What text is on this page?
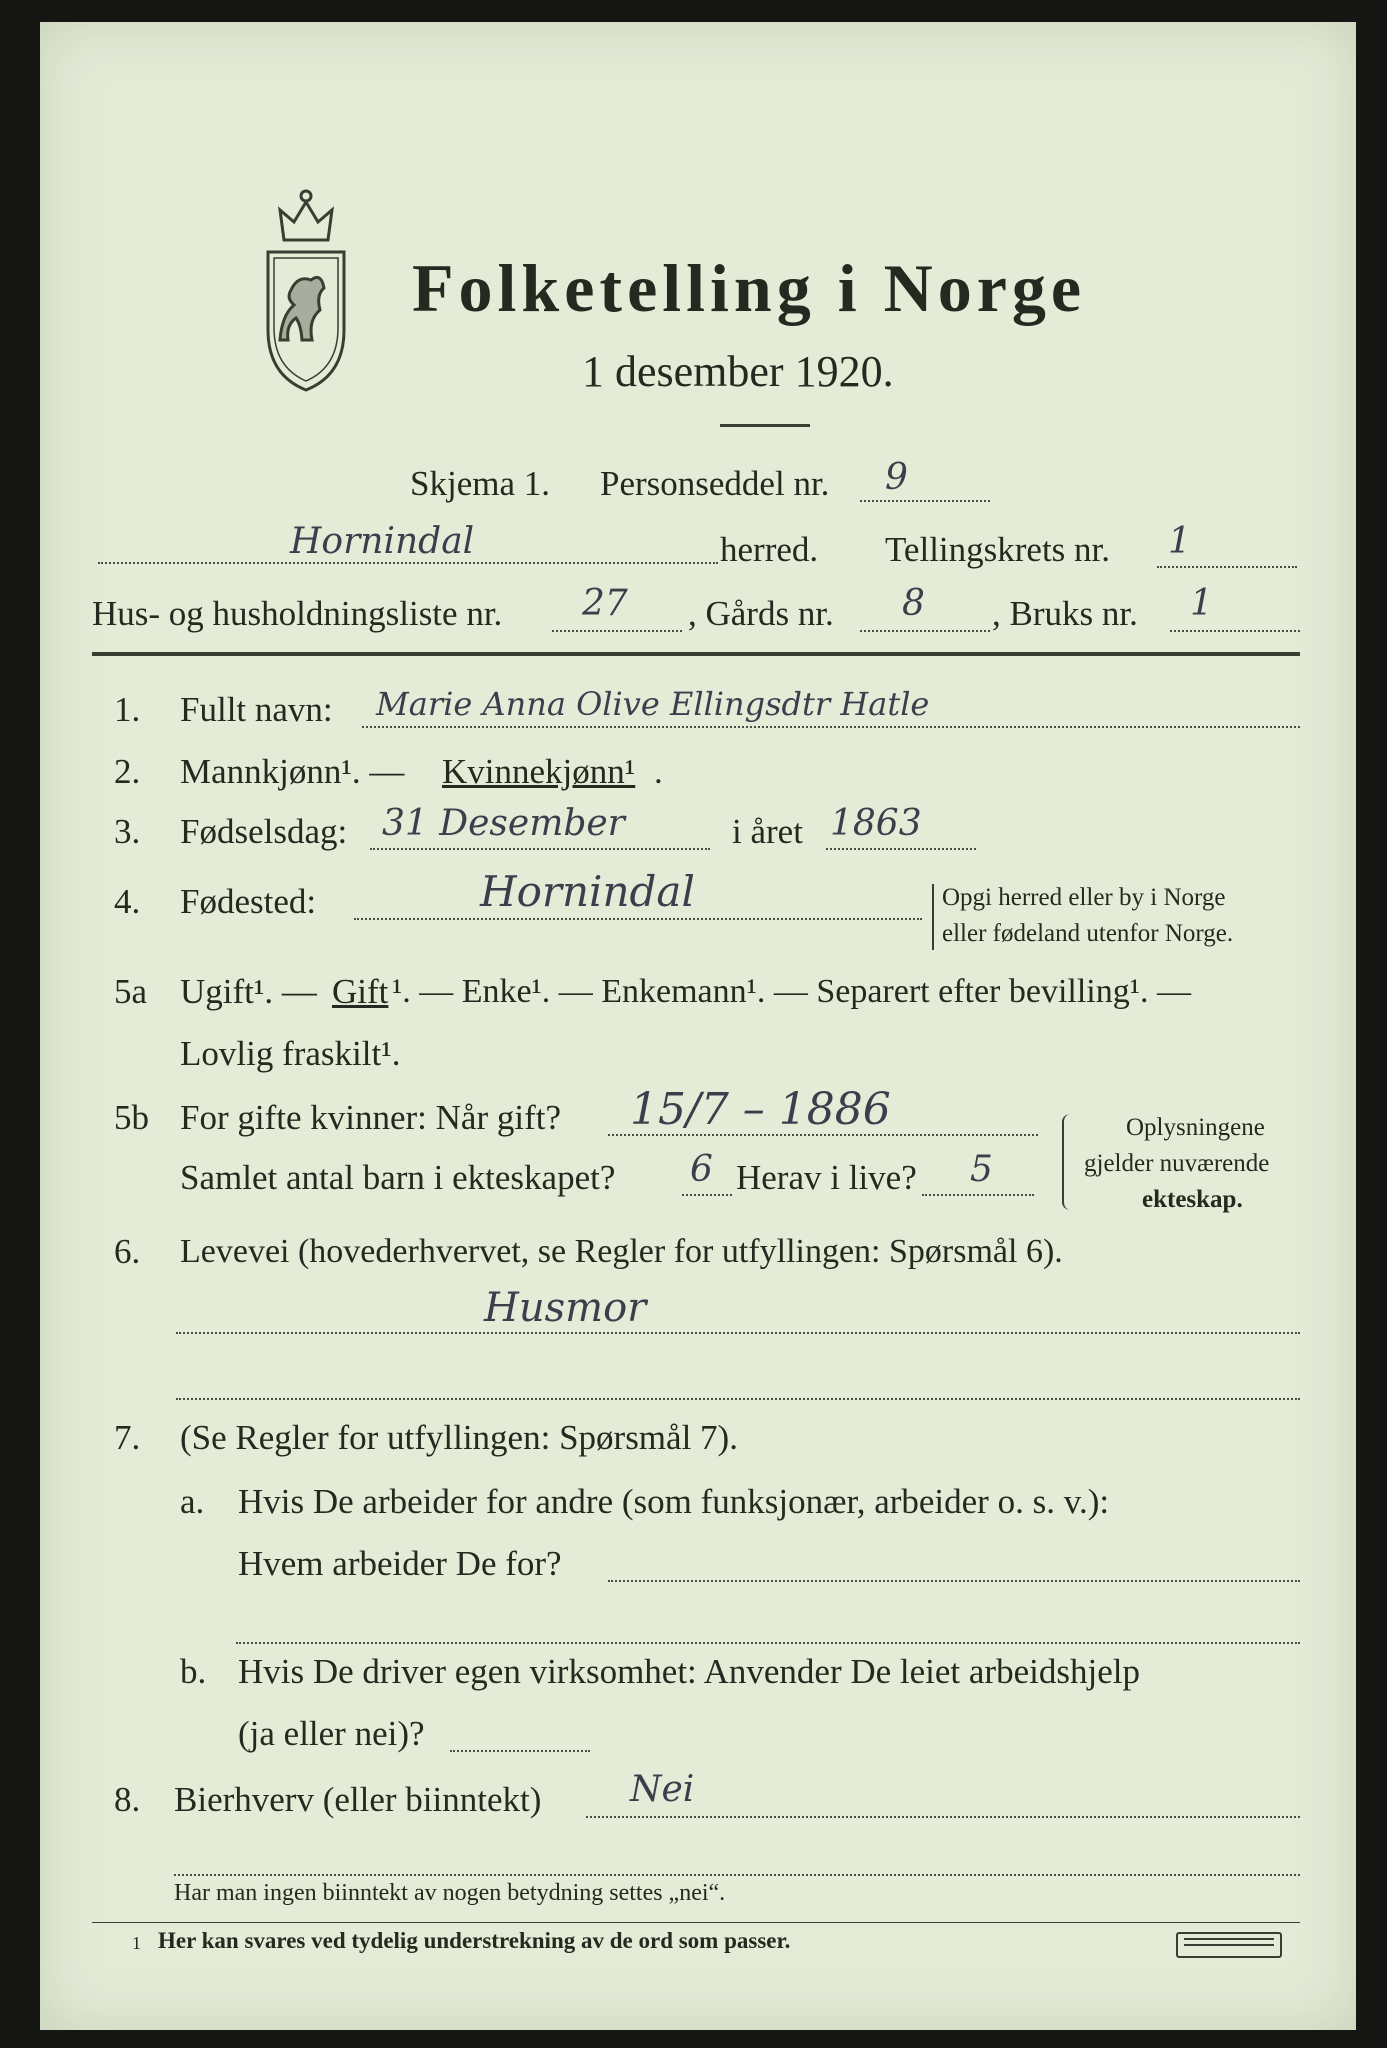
Folketelling i Norge
1 desember 1920.
Skjema 1. Personseddel nr. 9
Hornindal	herred. Tellingskrets nr. 1
Hus- og husholdningsliste nr. 27 , Gårds nr. 8 , Bruks nr. 1
1. Fullt navn: Marie Anna Olive Ellingsdtr Hatle
2. Mannkjønn¹. — Kvinnekjønn¹ .
3. Fødselsdag: 31 Desember	i året 1863
4. Fødested:	Hornindal	Opgi herred eller by i Norge
eller fødeland utenfor Norge.
5a Ugift¹. — Gift ¹. — Enke¹. — Enkemann¹. — Separert efter bevilling¹. —
Lovlig fraskilt¹.
5b For gifte kvinner: Når gift? 15/7 – 1886
Samlet antal barn i ekteskapet? 6 Herav i live? 5
Oplysningene
gjelder nuværende
ekteskap.
6. Levevei (hovederhvervet, se Regler for utfyllingen: Spørsmål 6).
Husmor
7. (Se Regler for utfyllingen: Spørsmål 7).
a. Hvis De arbeider for andre (som funksjonær, arbeider o. s. v.):
Hvem arbeider De for?
b. Hvis De driver egen virksomhet: Anvender De leiet arbeidshjelp
(ja eller nei)?
8. Bierhverv (eller biinntekt) Nei
Har man ingen biinntekt av nogen betydning settes „nei“.
1 Her kan svares ved tydelig understrekning av de ord som passer.
